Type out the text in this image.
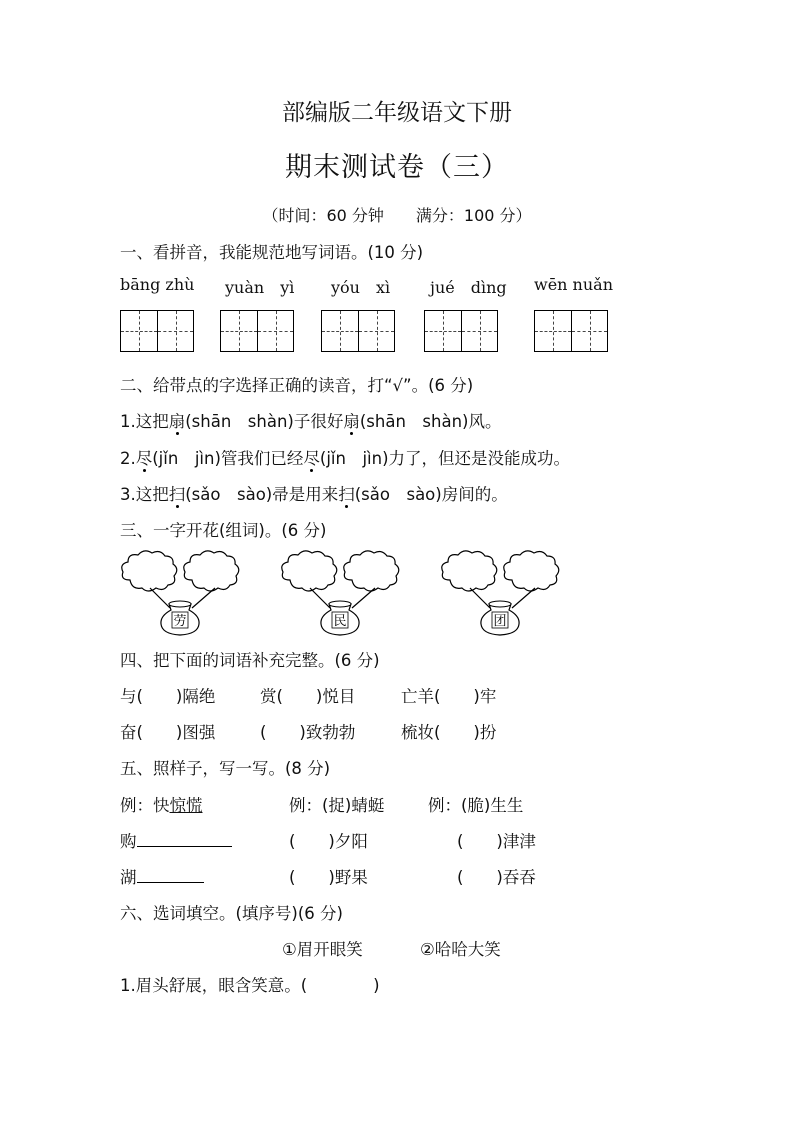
部编版二年级语文下册
期末测试卷（三）
（时间：60 分钟　　满分：100 分）
一、看拼音，我能规范地写词语。(10 分)
bāng zhù yuàn　yì yóu　xì jué　dìng wēn nuǎn
二、给带点的字选择正确的读音，打“√”。(6 分)
1.这把扇(shān　shàn)子很好扇(shān　shàn)风。
2.尽(jǐn　jìn)管我们已经尽(jǐn　jìn)力了，但还是没能成功。
3.这把扫(sǎo　sào)帚是用来扫(sǎo　sào)房间的。
三、一字开花(组词)。(6 分)
劳	民	团
四、把下面的词语补充完整。(6 分)
与(　　)隔绝	赏(　　)悦目	亡羊(　　)牢
奋(　　)图强	(　　)致勃勃	梳妆(　　)扮
五、照样子，写一写。(8 分)
例：快惊慌	例：(捉)蜻蜓	例：(脆)生生
购	(　　)夕阳	(　　)津津
湖	(　　)野果	(　　)吞吞
六、选词填空。(填序号)(6 分)
①眉开眼笑	②哈哈大笑
1.眉头舒展，眼含笑意。(　　　　)
